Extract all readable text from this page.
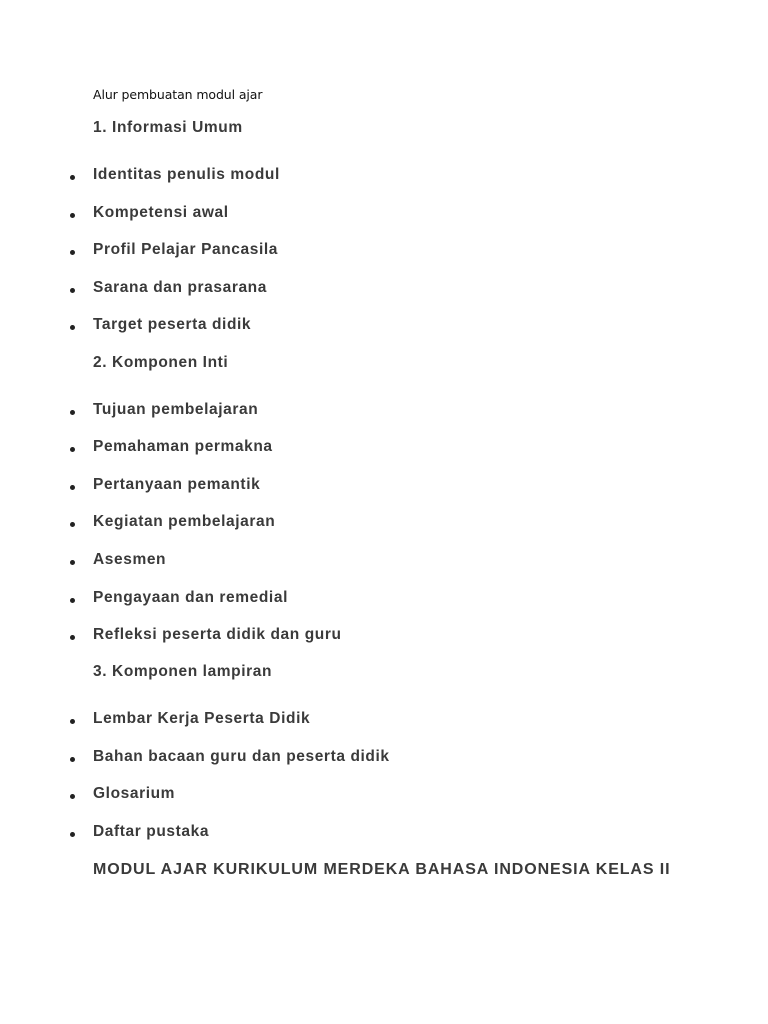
Alur pembuatan modul ajar
1. Informasi Umum
Identitas penulis modul
Kompetensi awal
Profil Pelajar Pancasila
Sarana dan prasarana
Target peserta didik
2. Komponen Inti
Tujuan pembelajaran
Pemahaman permakna
Pertanyaan pemantik
Kegiatan pembelajaran
Asesmen
Pengayaan dan remedial
Refleksi peserta didik dan guru
3. Komponen lampiran
Lembar Kerja Peserta Didik
Bahan bacaan guru dan peserta didik
Glosarium
Daftar pustaka
MODUL AJAR KURIKULUM MERDEKA BAHASA INDONESIA KELAS II
